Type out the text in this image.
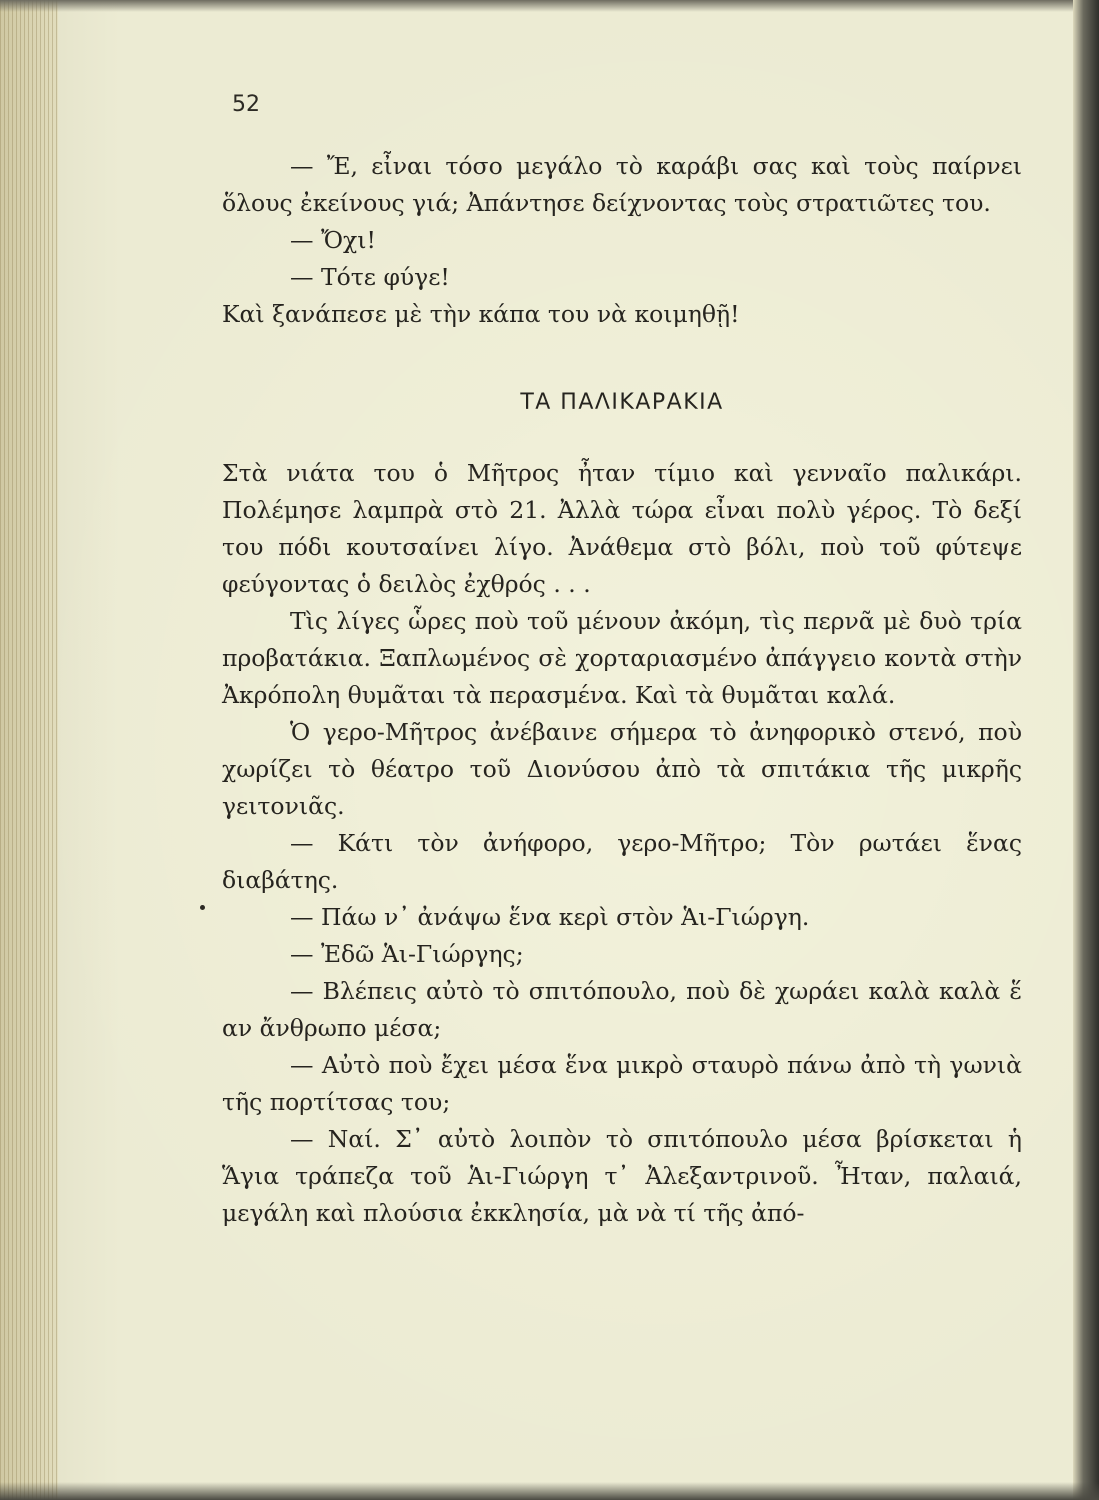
52

— Ἔ, εἶναι τόσο μεγάλο τὸ καράβι σας καὶ τοὺς παίρνει ὅλους ἐκείνους γιά; Ἀπάντησε δείχνοντας τοὺς στρατιῶτες του.

— Ὄχι!

— Τότε φύγε!

Καὶ ξανάπεσε μὲ τὴν κάπα του νὰ κοιμηθῇ!

ΤΑ ΠΑΛΙΚΑΡΑΚΙΑ

Στὰ νιάτα του ὁ Μῆτρος ἦταν τίμιο καὶ γενναῖο παλικάρι. Πολέμησε λαμπρὰ στὸ 21. Ἀλλὰ τώρα εἶναι πολὺ γέρος. Τὸ δεξί του πόδι κουτσαίνει λίγο. Ἀνάθεμα στὸ βόλι, ποὺ τοῦ φύτεψε φεύγοντας ὁ δειλὸς ἐχθρός . . .

Τὶς λίγες ὧρες ποὺ τοῦ μένουν ἀκόμη, τὶς περνᾶ μὲ δυὸ τρία προβατάκια. Ξαπλωμένος σὲ χορταριασμένο ἀπάγγειο κοντὰ στὴν Ἀκρόπολη θυμᾶται τὰ περασμένα. Καὶ τὰ θυμᾶται καλά.

Ὁ γερο-Μῆτρος ἀνέβαινε σήμερα τὸ ἀνηφορικὸ στενό, ποὺ χωρίζει τὸ θέατρο τοῦ Διονύσου ἀπὸ τὰ σπιτάκια τῆς μικρῆς γειτονιᾶς.

— Κάτι τὸν ἀνήφορο, γερο-Μῆτρο; Τὸν ρωτάει ἕνας διαβάτης.

— Πάω ν᾽ ἀνάψω ἕνα κερὶ στὸν Ἁι-Γιώργη.

— Ἐδῶ Ἁι-Γιώργης;

— Βλέπεις αὐτὸ τὸ σπιτόπουλο, ποὺ δὲ χωράει καλὰ καλὰ ἕ αν ἄνθρωπο μέσα;

— Αὐτὸ ποὺ ἔχει μέσα ἕνα μικρὸ σταυρὸ πάνω ἀπὸ τὴ γωνιὰ τῆς πορτίτσας του;

— Ναί. Σ᾽ αὐτὸ λοιπὸν τὸ σπιτόπουλο μέσα βρίσκεται ἡ Ἅγια τράπεζα τοῦ Ἁι-Γιώργη τ᾽ Ἀλεξαντρινοῦ. Ἦταν, παλαιά, μεγάλη καὶ πλούσια ἐκκλησία, μὰ νὰ τί τῆς ἀπό-
